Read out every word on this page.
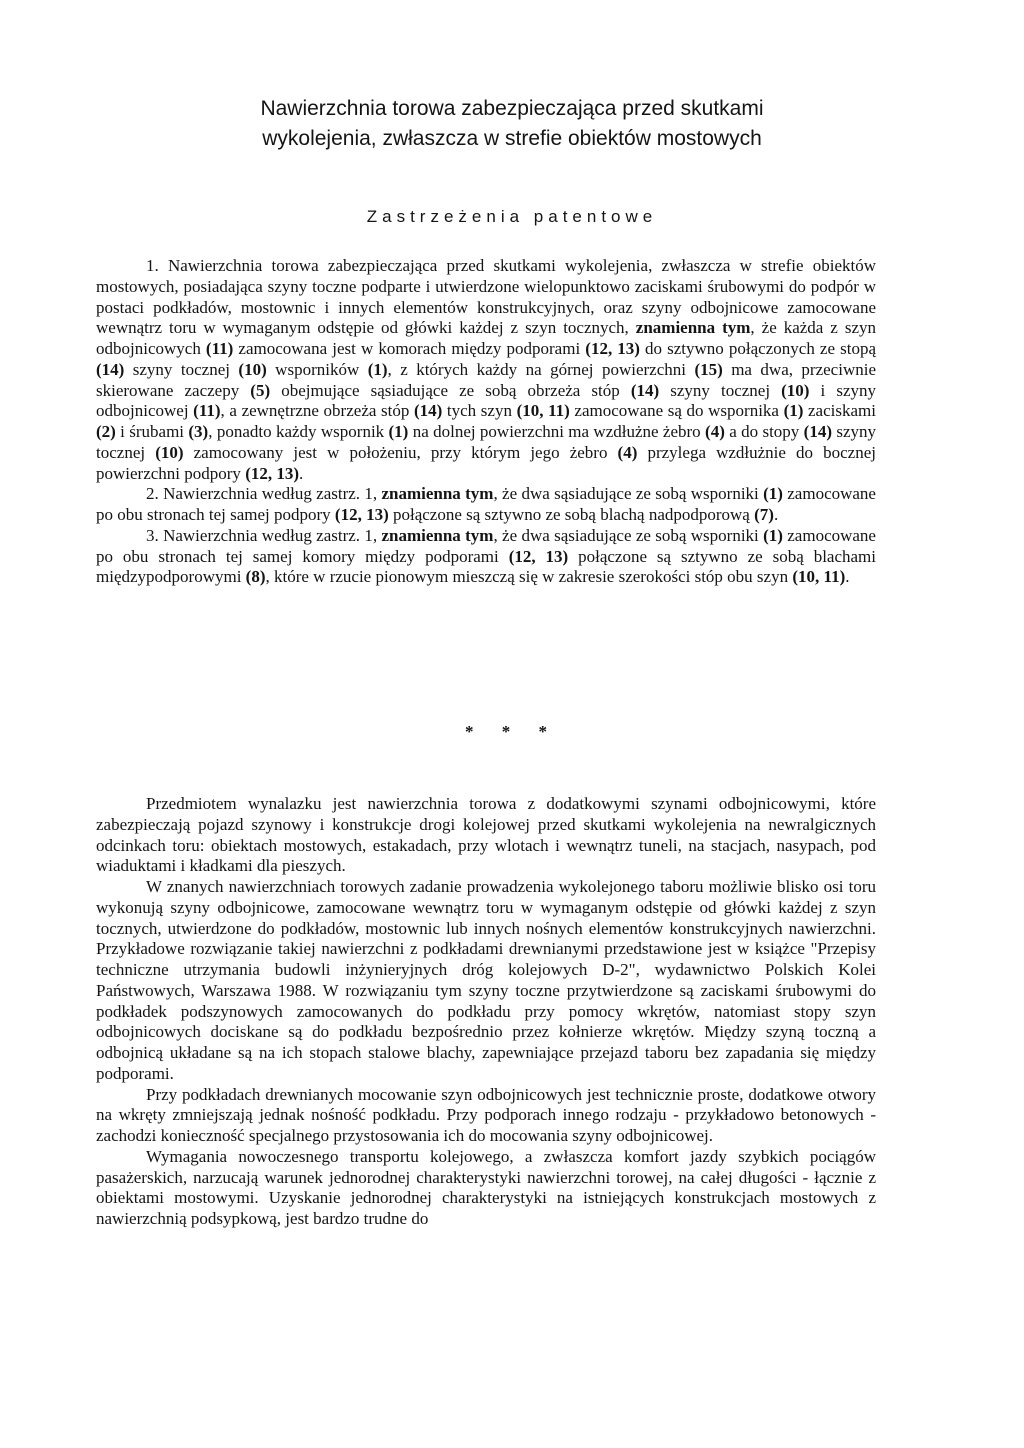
Nawierzchnia torowa zabezpieczająca przed skutkami
wykolejenia, zwłaszcza w strefie obiektów mostowych
Zastrzeżenia patentowe

1. Nawierzchnia torowa zabezpieczająca przed skutkami wykolejenia, zwłaszcza w strefie obiektów mostowych, posiadająca szyny toczne podparte i utwierdzone wielopunktowo zaciskami śrubowymi do podpór w postaci podkładów, mostownic i innych elementów konstrukcyjnych, oraz szyny odbojnicowe zamocowane wewnątrz toru w wymaganym odstępie od główki każdej z szyn tocznych, znamienna tym, że każda z szyn odbojnicowych (11) zamocowana jest w komorach między podporami (12, 13) do sztywno połączonych ze stopą (14) szyny tocznej (10) wsporników (1), z których każdy na górnej powierzchni (15) ma dwa, przeciwnie skierowane zaczepy (5) obejmujące sąsiadujące ze sobą obrzeża stóp (14) szyny tocznej (10) i szyny odbojnicowej (11), a zewnętrzne obrzeża stóp (14) tych szyn (10, 11) zamocowane są do wspornika (1) zaciskami (2) i śrubami (3), ponadto każdy wspornik (1) na dolnej powierzchni ma wzdłużne żebro (4) a do stopy (14) szyny tocznej (10) zamocowany jest w położeniu, przy którym jego żebro (4) przylega wzdłużnie do bocznej powierzchni podpory (12, 13).

2. Nawierzchnia według zastrz. 1, znamienna tym, że dwa sąsiadujące ze sobą wsporniki (1) zamocowane po obu stronach tej samej podpory (12, 13) połączone są sztywno ze sobą blachą nadpodporową (7).

3. Nawierzchnia według zastrz. 1, znamienna tym, że dwa sąsiadujące ze sobą wsporniki (1) zamocowane po obu stronach tej samej komory między podporami (12, 13) połączone są sztywno ze sobą blachami międzypodporowymi (8), które w rzucie pionowym mieszczą się w zakresie szerokości stóp obu szyn (10, 11).

* * *

Przedmiotem wynalazku jest nawierzchnia torowa z dodatkowymi szynami odbojnicowymi, które zabezpieczają pojazd szynowy i konstrukcje drogi kolejowej przed skutkami wykolejenia na newralgicznych odcinkach toru: obiektach mostowych, estakadach, przy wlotach i wewnątrz tuneli, na stacjach, nasypach, pod wiaduktami i kładkami dla pieszych.

W znanych nawierzchniach torowych zadanie prowadzenia wykolejonego taboru możliwie blisko osi toru wykonują szyny odbojnicowe, zamocowane wewnątrz toru w wymaganym odstępie od główki każdej z szyn tocznych, utwierdzone do podkładów, mostownic lub innych nośnych elementów konstrukcyjnych nawierzchni. Przykładowe rozwiązanie takiej nawierzchni z podkładami drewnianymi przedstawione jest w książce "Przepisy techniczne utrzymania budowli inżynieryjnych dróg kolejowych D-2", wydawnictwo Polskich Kolei Państwowych, Warszawa 1988. W rozwiązaniu tym szyny toczne przytwierdzone są zaciskami śrubowymi do podkładek podszynowych zamocowanych do podkładu przy pomocy wkrętów, natomiast stopy szyn odbojnicowych dociskane są do podkładu bezpośrednio przez kołnierze wkrętów. Między szyną toczną a odbojnicą układane są na ich stopach stalowe blachy, zapewniające przejazd taboru bez zapadania się między podporami.

Przy podkładach drewnianych mocowanie szyn odbojnicowych jest technicznie proste, dodatkowe otwory na wkręty zmniejszają jednak nośność podkładu. Przy podporach innego rodzaju - przykładowo betonowych - zachodzi konieczność specjalnego przystosowania ich do mocowania szyny odbojnicowej.

Wymagania nowoczesnego transportu kolejowego, a zwłaszcza komfort jazdy szybkich pociągów pasażerskich, narzucają warunek jednorodnej charakterystyki nawierzchni torowej, na całej długości - łącznie z obiektami mostowymi. Uzyskanie jednorodnej charakterystyki na istniejących konstrukcjach mostowych z nawierzchnią podsypkową, jest bardzo trudne do
